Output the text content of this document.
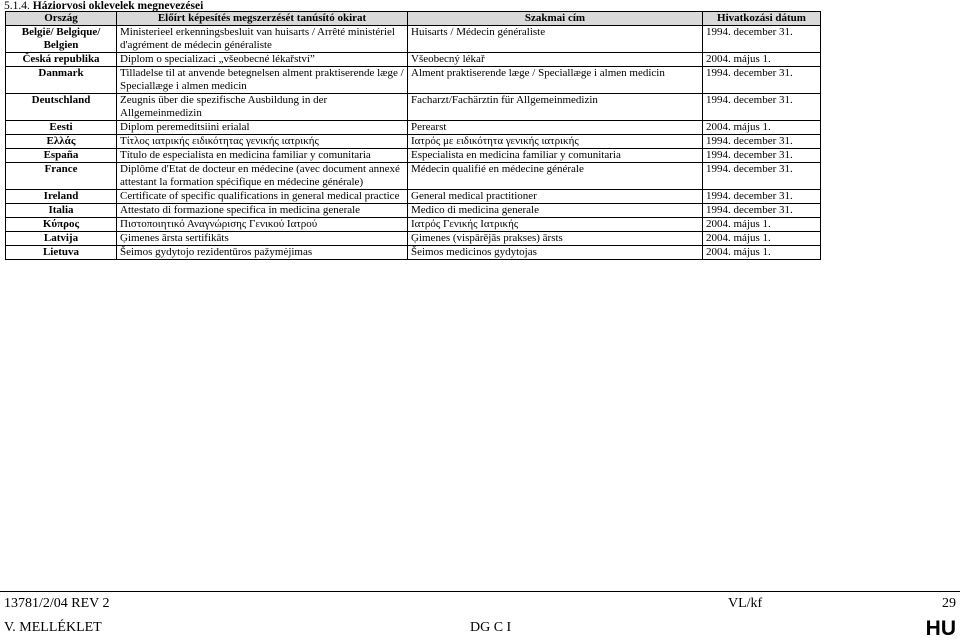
5.1.4. Háziorvosi oklevelek megnevezései
Ország	Előírt képesítés megszerzését tanúsító okirat	Szakmai cím	Hivatkozási dátum
België/ Belgique/ Belgien	Ministerieel erkenningsbesluit van huisarts / Arrêté ministériel d'agrément de médecin généraliste	Huisarts / Médecin généraliste	1994. december 31.
Česká republika	Diplom o specializaci „všeobecné lékařství”	Všeobecný lékař	2004. május 1.
Danmark	Tilladelse til at anvende betegnelsen alment praktiserende læge / Speciallæge i almen medicin	Alment praktiserende læge / Speciallæge i almen medicin	1994. december 31.
Deutschland	Zeugnis über die spezifische Ausbildung in der Allgemeinmedizin	Facharzt/Fachärztin für Allgemeinmedizin	1994. december 31.
Eesti	Diplom peremeditsiini erialal	Perearst	2004. május 1.
Ελλάς	Τίτλος ιατρικής ειδικότητας γενικής ιατρικής	Ιατρός με ειδικότητα γενικής ιατρικής	1994. december 31.
España	Título de especialista en medicina familiar y comunitaria	Especialista en medicina familiar y comunitaria	1994. december 31.
France	Diplôme d'Etat de docteur en médecine (avec document annexé attestant la formation spécifique en médecine générale)	Médecin qualifié en médecine générale	1994. december 31.
Ireland	Certificate of specific qualifications in general medical practice	General medical practitioner	1994. december 31.
Italia	Attestato di formazione specifica in medicina generale	Medico di medicina generale	1994. december 31.
Κύπρος	Πιστοποιητικό Αναγνώρισης Γενικού Ιατρού	Ιατρός Γενικής Ιατρικής	2004. május 1.
Latvija	Ģimenes ārsta sertifikāts	Ģimenes (vispārējās prakses) ārsts	2004. május 1.
Lietuva	Šeimos gydytojo rezidentūros pažymėjimas	Šeimos medicinos gydytojas	2004. május 1.
13781/2/04 REV 2	VL/kf	29
V. MELLÉKLET	DG C I	HU
